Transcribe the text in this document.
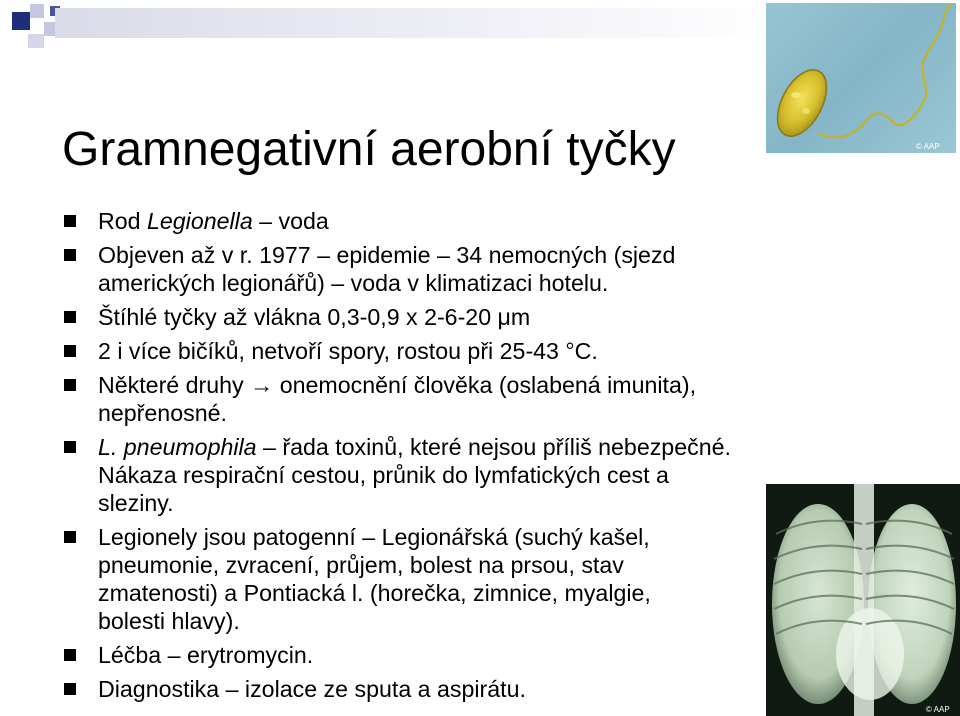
Gramnegativní aerobní tyčky
Rod Legionella – voda
Objeven až v r. 1977 – epidemie – 34 nemocných (sjezd
amerických legionářů) – voda v klimatizaci hotelu.
Štíhlé tyčky až vlákna 0,3-0,9 x 2-6-20 μm
2 i více bičíků, netvoří spory, rostou při 25-43 °C.
Některé druhy → onemocnění člověka (oslabená imunita),
nepřenosné.
L. pneumophila – řada toxinů, které nejsou příliš nebezpečné.
Nákaza respirační cestou, průnik do lymfatických cest a
sleziny.
Legionely jsou patogenní – Legionářská (suchý kašel,
pneumonie, zvracení, průjem, bolest na prsou, stav
zmatenosti) a Pontiacká l. (horečka, zimnice, myalgie,
bolesti hlavy).
Léčba – erytromycin.
Diagnostika – izolace ze sputa a aspirátu.
© AAP
© AAP
